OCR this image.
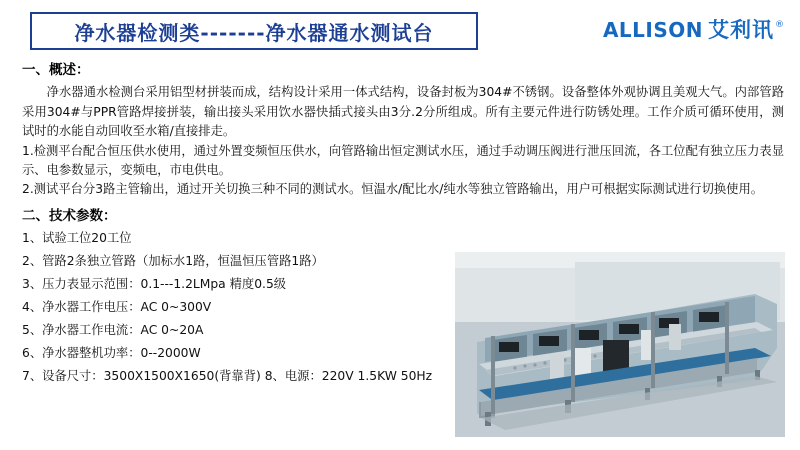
净水器检测类-------净水器通水测试台	ALLISON 艾利讯 ®
一、概述：

净水器通水检测台采用铝型材拼装而成，结构设计采用一体式结构，设备封板为304#不锈钢。设备整体外观协调且美观大气。内部管路采用304#与PPR管路焊接拼装，输出接头采用饮水器快插式接头由3分.2分所组成。所有主要元件进行防锈处理。工作介质可循环使用，测试时的水能自动回收至水箱/直接排走。

1.检测平台配合恒压供水使用，通过外置变频恒压供水，向管路输出恒定测试水压，通过手动调压阀进行泄压回流，各工位配有独立压力表显示、电参数显示，变频电，市电供电。

2.测试平台分3路主管输出，通过开关切换三种不同的测试水。恒温水/配比水/纯水等独立管路输出，用户可根据实际测试进行切换使用。

二、技术参数：

1、试验工位20工位

2、管路2条独立管路（加标水1路，恒温恒压管路1路）

3、压力表显示范围：0.1---1.2LMpa 精度0.5级

4、净水器工作电压：AC 0~300V

5、净水器工作电流：AC 0~20A

6、净水器整机功率：0--2000W

7、设备尺寸：3500X1500X1650(背靠背) 8、电源：220V 1.5KW 50Hz
